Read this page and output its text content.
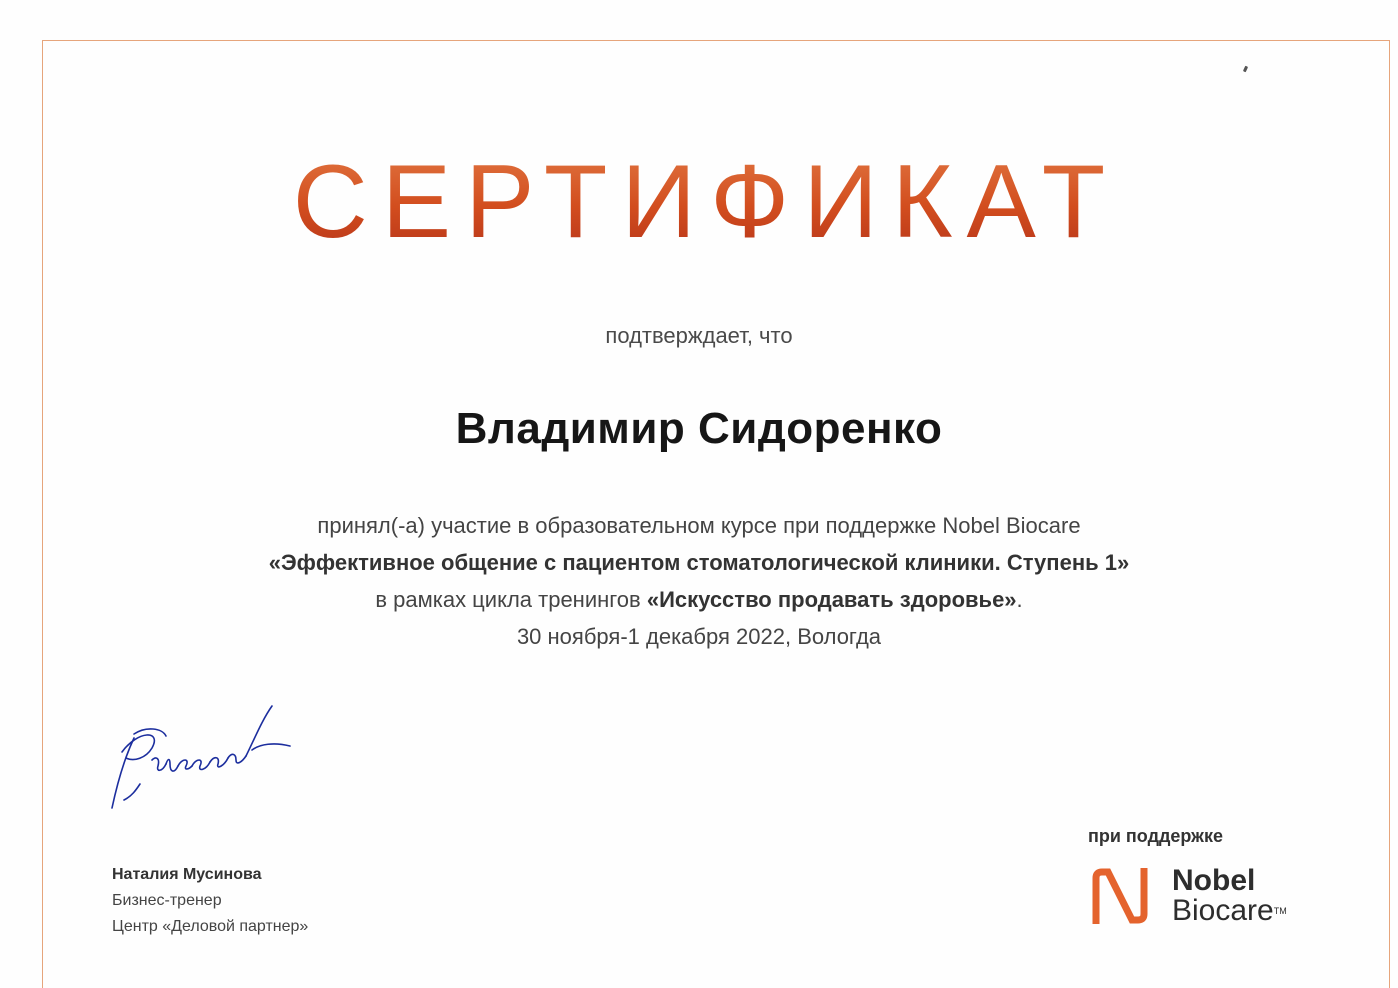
СЕРТИФИКАТ
подтверждает, что
Владимир Сидоренко
принял(-а) участие в образовательном курсе при поддержке Nobel Biocare
«Эффективное общение с пациентом стоматологической клиники. Ступень 1»
в рамках цикла тренингов «Искусство продавать здоровье».
30 ноября-1 декабря 2022, Вологда
Наталия Мусинова
Бизнес-тренер
Центр «Деловой партнер»
при поддержке
Nobel
Biocare™
